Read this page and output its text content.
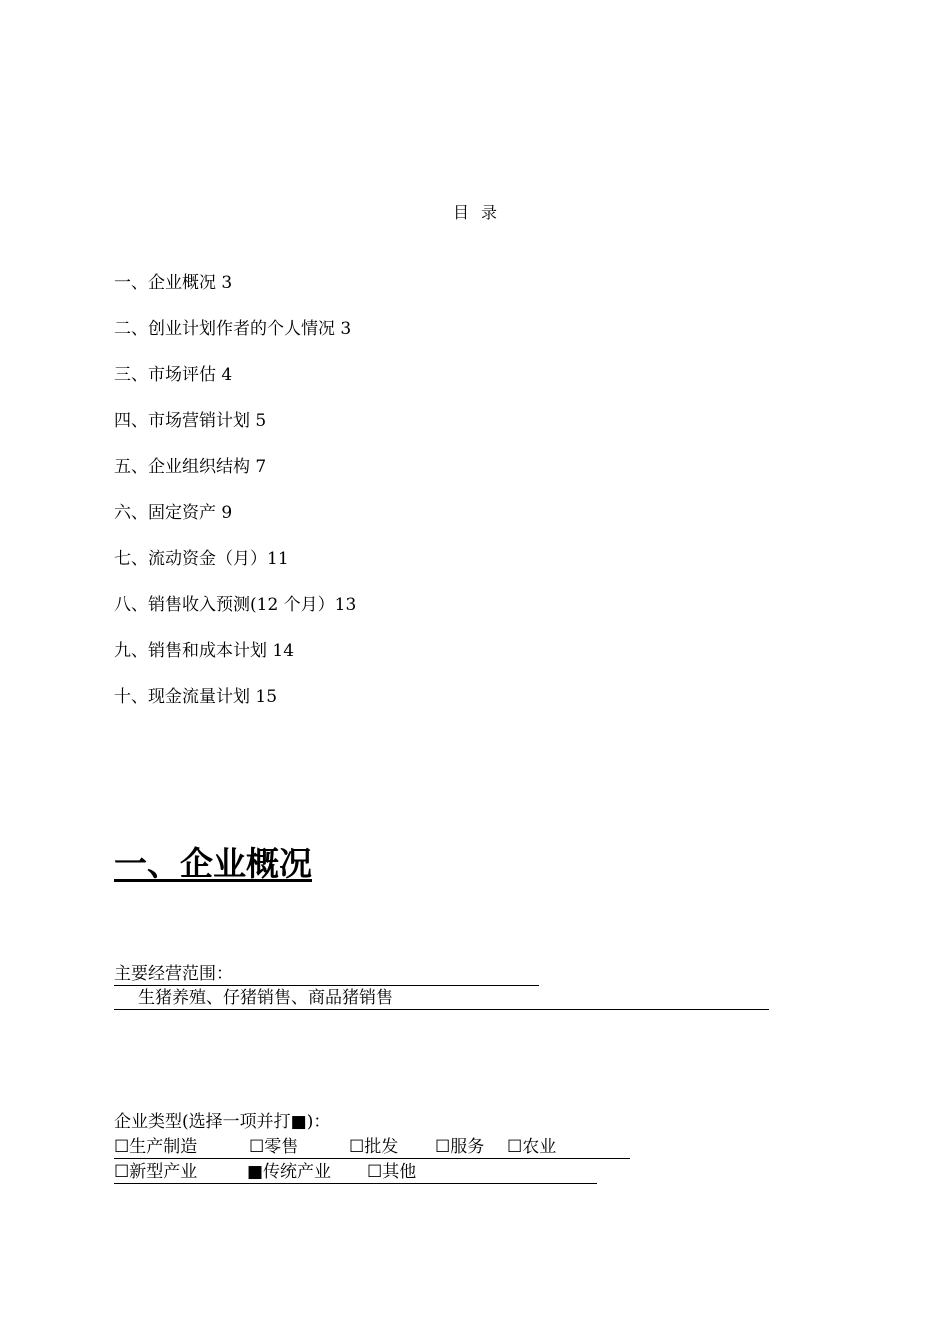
目 录
一、企业概况 3
二、创业计划作者的个人情况 3
三、市场评估 4
四、市场营销计划 5
五、企业组织结构 7
六、固定资产 9
七、流动资金（月）11
八、销售收入预测(12 个月）13
九、销售和成本计划 14
十、现金流量计划 15
一、企业概况
主要经营范围：
生猪养殖、仔猪销售、商品猪销售
企业类型(选择一项并打■)：
☐生产制造	☐零售	☐批发 ☐服务 ☐农业
☐新型产业	■传统产业 ☐其他
